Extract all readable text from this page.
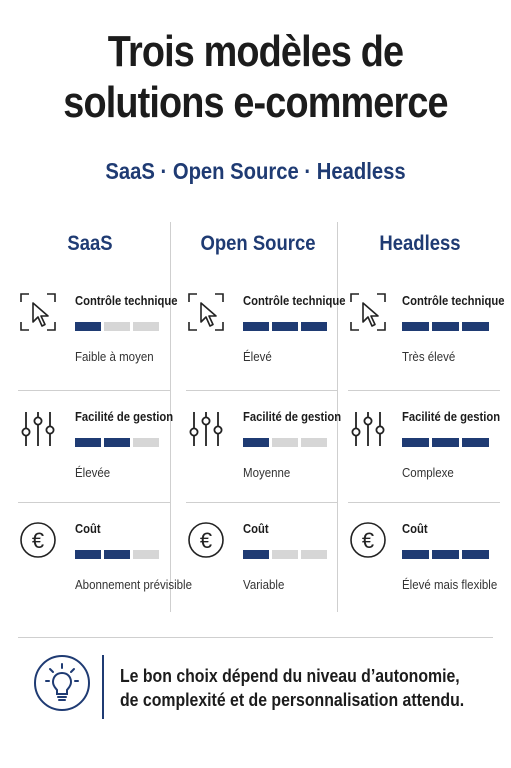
Trois modèles de
solutions e-commerce
SaaS · Open Source · Headless
SaaS
Contrôle technique
Faible à moyen
Facilité de gestion
Élevée
€ Coût
Abonnement prévisible
Open Source
Contrôle technique
Élevé
Facilité de gestion
Moyenne
€ Coût
Variable
Headless
Contrôle technique
Très élevé
Facilité de gestion
Complexe
€ Coût
Élevé mais flexible
Le bon choix dépend du niveau d’autonomie,
de complexité et de personnalisation attendu.
